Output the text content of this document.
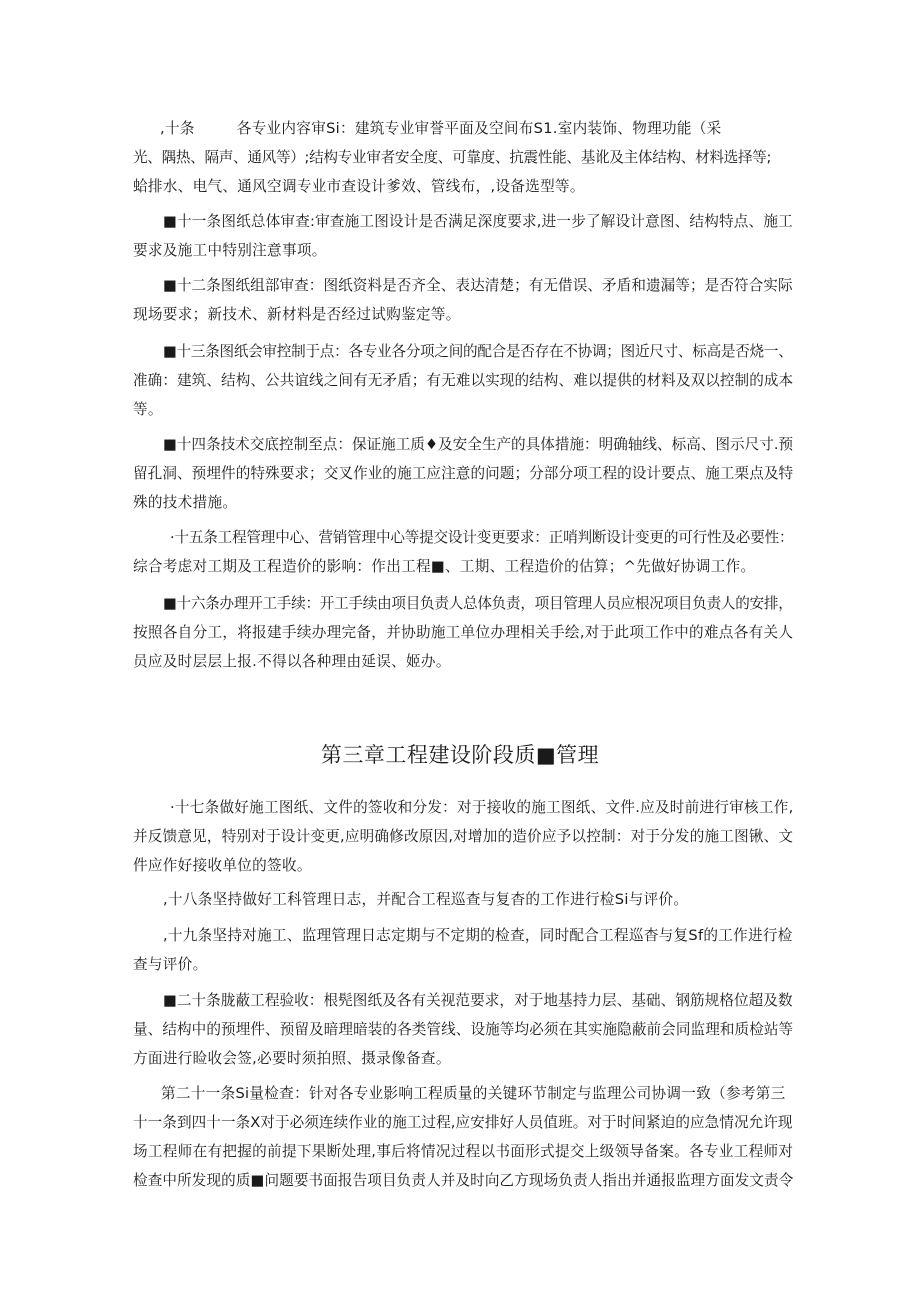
,十条	各专业内容审Si：建筑专业审誉平面及空间布S1.室内装饰、物理功能（采
光、隅热、隔声、通风等）;结构专业审者安全度、可靠度、抗震性能、基讹及主体结构、材料选择等;
蛤排水、电气、通风空调专业市查设计爹效、管线布，,设备选型等。
■十一条图纸总体审查:审查施工图设计是否满足深度要求,进一步了解设计意图、结构特点、施工
要求及施工中特别注意事项。
■十二条图纸组部审查：图纸资料是否齐全、表达清楚；有无借误、矛盾和遗漏等；是否符合实际
现场要求；新技术、新材料是否经过试购鉴定等。
■十三条图纸会审控制于点：各专业各分项之间的配合是否存在不协调；图近尺寸、标高是否烧一、
准确：建筑、结构、公共谊线之间有无矛盾；有无难以实现的结构、难以提供的材料及双以控制的成本
等。
■十四条技术交底控制至点：保证施工质♦及安全生产的具体措施：明确轴线、标高、图示尺寸.预
留孔洞、预埋件的特殊要求；交叉作业的施工应注意的问题；分部分项工程的设计要点、施工栗点及特
殊的技术措施。
·十五条工程管理中心、营销管理中心等提交设计变更要求：正哨判断设计变更的可行性及必要性：
综合考虑对工期及工程造价的影响：作出工程■、工期、工程造价的估算；^先做好协调工作。
■十六条办理开工手续：开工手续由项目负责人总体负责，项目管理人员应根况项目负责人的安排，
按照各自分工，将报建手续办理完备，并协助施工单位办理相关手绘,对于此项工作中的难点各有关人
员应及时层层上报.不得以各种理由延误、姬办。
第三章工程建设阶段质■管理
·十七条做好施工图纸、文件的签收和分发：对于接收的施工图纸、文件.应及时前进行审核工作,
并反馈意见，特别对于设计变更,应明确修改原因,对增加的造价应予以控制：对于分发的施工图锹、文
件应作好接收单位的签收。
,十八条坚持做好工科管理日志，并配合工程巡查与复杳的工作进行检Si与评价。
,十九条坚持对施工、监理管理日志定期与不定期的检查，同时配合工程巡杳与复Sf的工作进行检
查与评价。
■二十条胧蔽工程验收：根髡图纸及各有关视范要求，对于地基持力层、基础、钢筋规格位超及数
量、结构中的预埋件、预留及暗理暗装的各类管线、设施等均必须在其实施隐蔽前会同监理和质检站等
方面进行睑收会签,必要时须拍照、摄录像备查。
第二十一条Si量检查：针对各专业影响工程质量的关键环节制定与监理公司协调一致（参考第三
十一条到四十一条X对于必须连续作业的施工过程,应安排好人员值班。对于时间紧迫的应急情况允许现
场工程师在有把握的前提下果断处理,事后将情况过程以书面形式提交上级领导备案。各专业工程师对
检查中所发现的质■问题要书面报告项目负责人并及时向乙方现场负责人指出并通报监理方面发文责令
